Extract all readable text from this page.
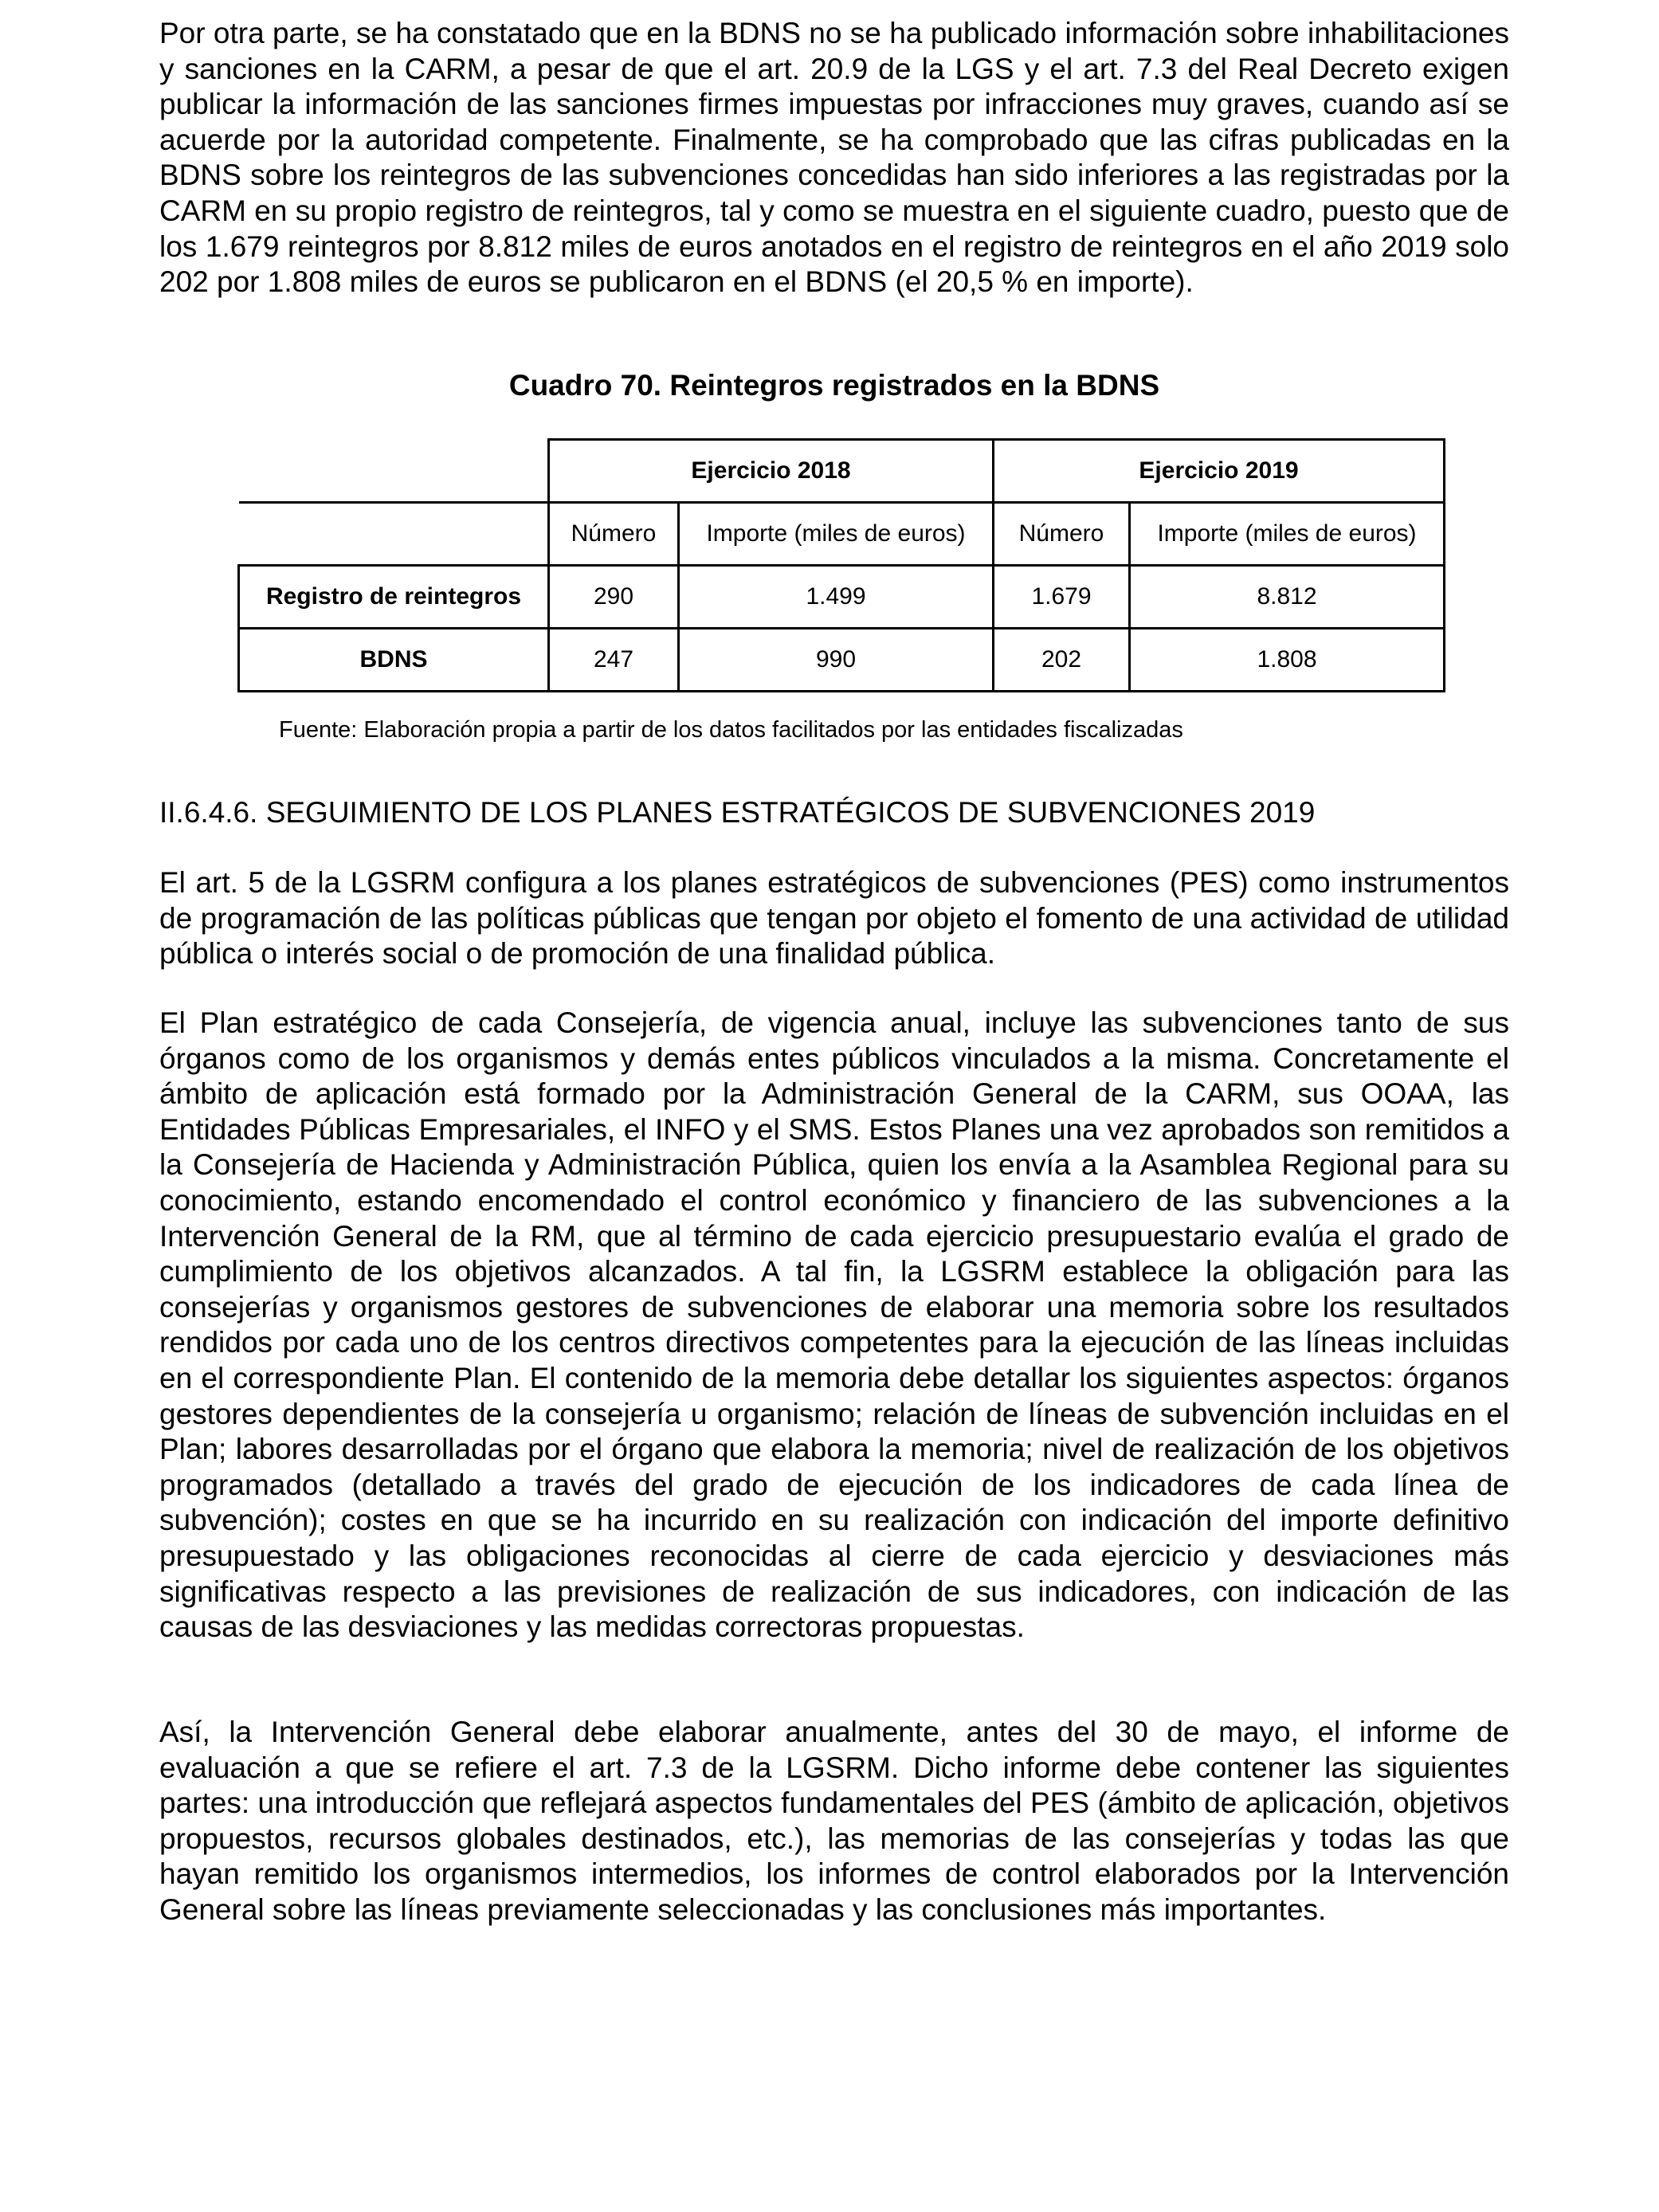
Por otra parte, se ha constatado que en la BDNS no se ha publicado información sobre inhabilitaciones y sanciones en la CARM, a pesar de que el art. 20.9 de la LGS y el art. 7.3 del Real Decreto exigen publicar la información de las sanciones firmes impuestas por infracciones muy graves, cuando así se acuerde por la autoridad competente. Finalmente, se ha comprobado que las cifras publicadas en la BDNS sobre los reintegros de las subvenciones concedidas han sido inferiores a las registradas por la CARM en su propio registro de reintegros, tal y como se muestra en el siguiente cuadro, puesto que de los 1.679 reintegros por 8.812 miles de euros anotados en el registro de reintegros en el año 2019 solo 202 por 1.808 miles de euros se publicaron en el BDNS (el 20,5 % en importe).

Cuadro 70. Reintegros registrados en la BDNS

	Ejercicio 2018		Ejercicio 2019	
	Número	Importe (miles de euros)	Número	Importe (miles de euros)
Registro de reintegros	290	1.499	1.679	8.812
BDNS	247	990	202	1.808

Fuente: Elaboración propia a partir de los datos facilitados por las entidades fiscalizadas

II.6.4.6. SEGUIMIENTO DE LOS PLANES ESTRATÉGICOS DE SUBVENCIONES 2019

El art. 5 de la LGSRM configura a los planes estratégicos de subvenciones (PES) como instrumentos de programación de las políticas públicas que tengan por objeto el fomento de una actividad de utilidad pública o interés social o de promoción de una finalidad pública.

El Plan estratégico de cada Consejería, de vigencia anual, incluye las subvenciones tanto de sus órganos como de los organismos y demás entes públicos vinculados a la misma. Concretamente el ámbito de aplicación está formado por la Administración General de la CARM, sus OOAA, las Entidades Públicas Empresariales, el INFO y el SMS. Estos Planes una vez aprobados son remitidos a la Consejería de Hacienda y Administración Pública, quien los envía a la Asamblea Regional para su conocimiento, estando encomendado el control económico y financiero de las subvenciones a la Intervención General de la RM, que al término de cada ejercicio presupuestario evalúa el grado de cumplimiento de los objetivos alcanzados. A tal fin, la LGSRM establece la obligación para las consejerías y organismos gestores de subvenciones de elaborar una memoria sobre los resultados rendidos por cada uno de los centros directivos competentes para la ejecución de las líneas incluidas en el correspondiente Plan. El contenido de la memoria debe detallar los siguientes aspectos: órganos gestores dependientes de la consejería u organismo; relación de líneas de subvención incluidas en el Plan; labores desarrolladas por el órgano que elabora la memoria; nivel de realización de los objetivos programados (detallado a través del grado de ejecución de los indicadores de cada línea de subvención); costes en que se ha incurrido en su realización con indicación del importe definitivo presupuestado y las obligaciones reconocidas al cierre de cada ejercicio y desviaciones más significativas respecto a las previsiones de realización de sus indicadores, con indicación de las causas de las desviaciones y las medidas correctoras propuestas.

Así, la Intervención General debe elaborar anualmente, antes del 30 de mayo, el informe de evaluación a que se refiere el art. 7.3 de la LGSRM. Dicho informe debe contener las siguientes partes: una introducción que reflejará aspectos fundamentales del PES (ámbito de aplicación, objetivos propuestos, recursos globales destinados, etc.), las memorias de las consejerías y todas las que hayan remitido los organismos intermedios, los informes de control elaborados por la Intervención General sobre las líneas previamente seleccionadas y las conclusiones más importantes.
